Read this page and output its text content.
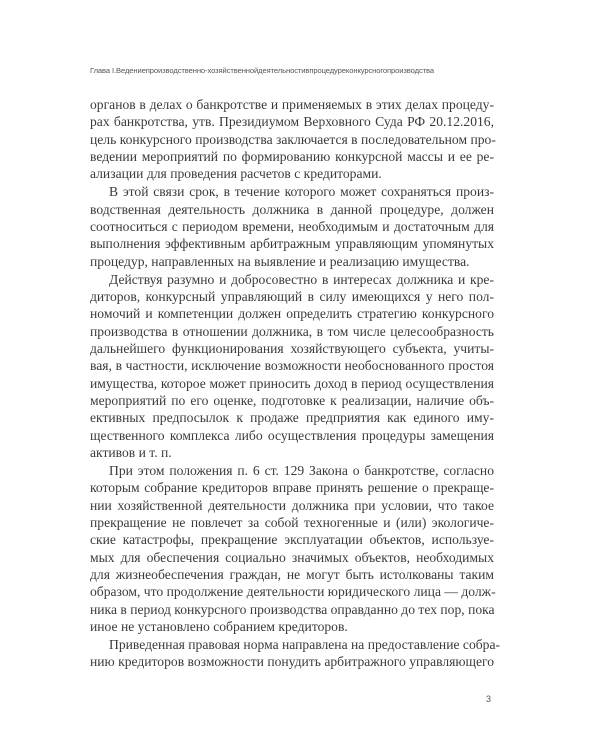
Глава I.Ведениепроизводственно-хозяйственнойдеятельностивпроцедуреконкурсногопроизводства
органов в делах о банкротстве и применяемых в этих делах процеду-
рах банкротства, утв. Президиумом Верховного Суда РФ 20.12.2016,
цель конкурсного производства заключается в последовательном про-
ведении мероприятий по формированию конкурсной массы и ее ре-
ализации для проведения расчетов с кредиторами.
В этой связи срок, в течение которого может сохраняться произ-
водственная деятельность должника в данной процедуре, должен
соотноситься с периодом времени, необходимым и достаточным для
выполнения эффективным арбитражным управляющим упомянутых
процедур, направленных на выявление и реализацию имущества.
Действуя разумно и добросовестно в интересах должника и кре-
диторов, конкурсный управляющий в силу имеющихся у него пол-
номочий и компетенции должен определить стратегию конкурсного
производства в отношении должника, в том числе целесообразность
дальнейшего функционирования хозяйствующего субъекта, учиты-
вая, в частности, исключение возможности необоснованного простоя
имущества, которое может приносить доход в период осуществления
мероприятий по его оценке, подготовке к реализации, наличие объ-
ективных предпосылок к продаже предприятия как единого иму-
щественного комплекса либо осуществления процедуры замещения
активов и т. п.
При этом положения п. 6 ст. 129 Закона о банкротстве, согласно
которым собрание кредиторов вправе принять решение о прекраще-
нии хозяйственной деятельности должника при условии, что такое
прекращение не повлечет за собой техногенные и (или) экологиче-
ские катастрофы, прекращение эксплуатации объектов, используе-
мых для обеспечения социально значимых объектов, необходимых
для жизнеобеспечения граждан, не могут быть истолкованы таким
образом, что продолжение деятельности юридического лица — долж-
ника в период конкурсного производства оправданно до тех пор, пока
иное не установлено собранием кредиторов.
Приведенная правовая норма направлена на предоставление собра-
нию кредиторов возможности понудить арбитражного управляющего
3
